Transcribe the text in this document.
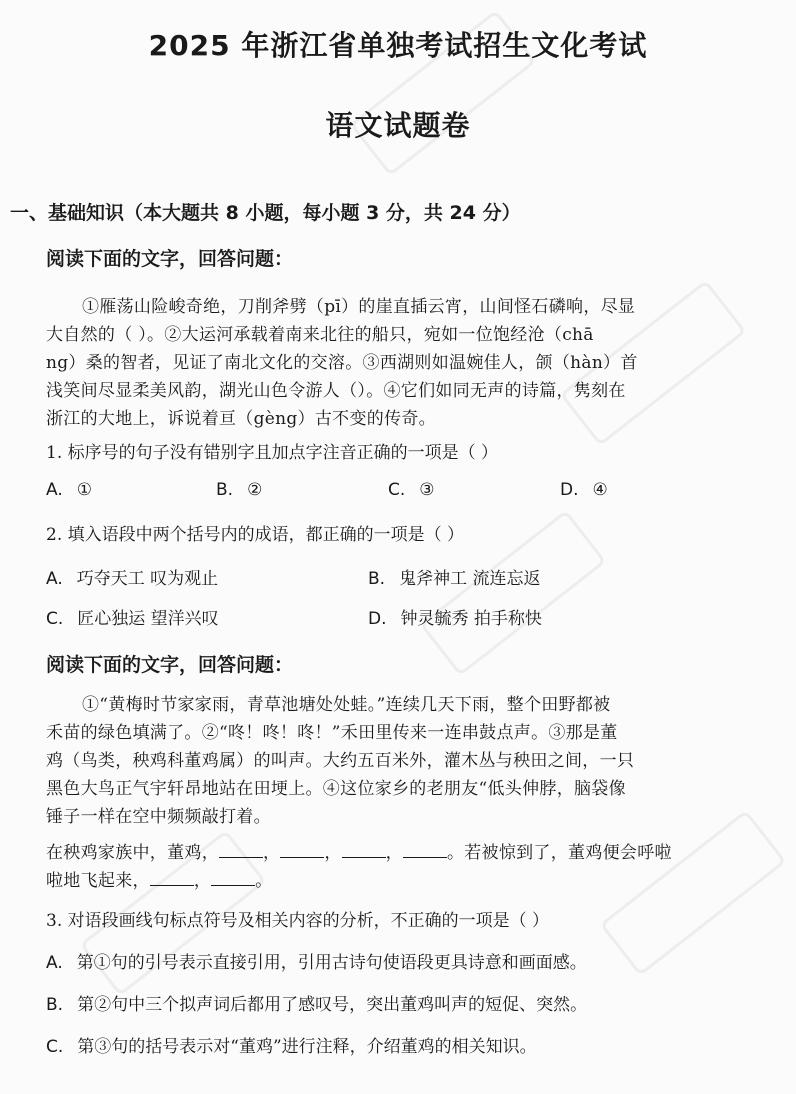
2025 年浙江省单独考试招生文化考试
语文试题卷
一、基础知识（本大题共 8 小题，每小题 3 分，共 24 分）
阅读下面的文字，回答问题：
①雁荡山险峻奇绝，刀削斧劈（pī）的崖直插云宵，山间怪石磷响，尽显
大自然的（ ）。②大运河承载着南来北往的船只，宛如一位饱经沧（chā
ng）桑的智者，见证了南北文化的交溶。③西湖则如温婉佳人，颌（hàn）首
浅笑间尽显柔美风韵，湖光山色令游人（）。④它们如同无声的诗篇，隽刻在
浙江的大地上，诉说着亘（gèng）古不变的传奇。
1. 标序号的句子没有错别字且加点字注音正确的一项是（ ）
A. ①	B. ②	C. ③	D. ④
2. 填入语段中两个括号内的成语，都正确的一项是（ ）
A. 巧夺天工 叹为观止	B. 鬼斧神工 流连忘返
C. 匠心独运 望洋兴叹	D. 钟灵毓秀 拍手称快
阅读下面的文字，回答问题：
①“黄梅时节家家雨，青草池塘处处蛙。”连续几天下雨，整个田野都被
禾苗的绿色填满了。②“咚！咚！咚！”禾田里传来一连串鼓点声。③那是董
鸡（鸟类，秧鸡科董鸡属）的叫声。大约五百米外，灌木丛与秧田之间，一只
黑色大鸟正气宇轩昂地站在田埂上。④这位家乡的老朋友“低头伸脖，脑袋像
锤子一样在空中频频敲打着。
在秧鸡家族中，董鸡，	，	，	，	。若被惊到了，董鸡便会呼啦
啦地飞起来，	，	。
3. 对语段画线句标点符号及相关内容的分析，不正确的一项是（ ）
A. 第①句的引号表示直接引用，引用古诗句使语段更具诗意和画面感。
B. 第②句中三个拟声词后都用了感叹号，突出董鸡叫声的短促、突然。
C. 第③句的括号表示对“董鸡”进行注释，介绍董鸡的相关知识。
